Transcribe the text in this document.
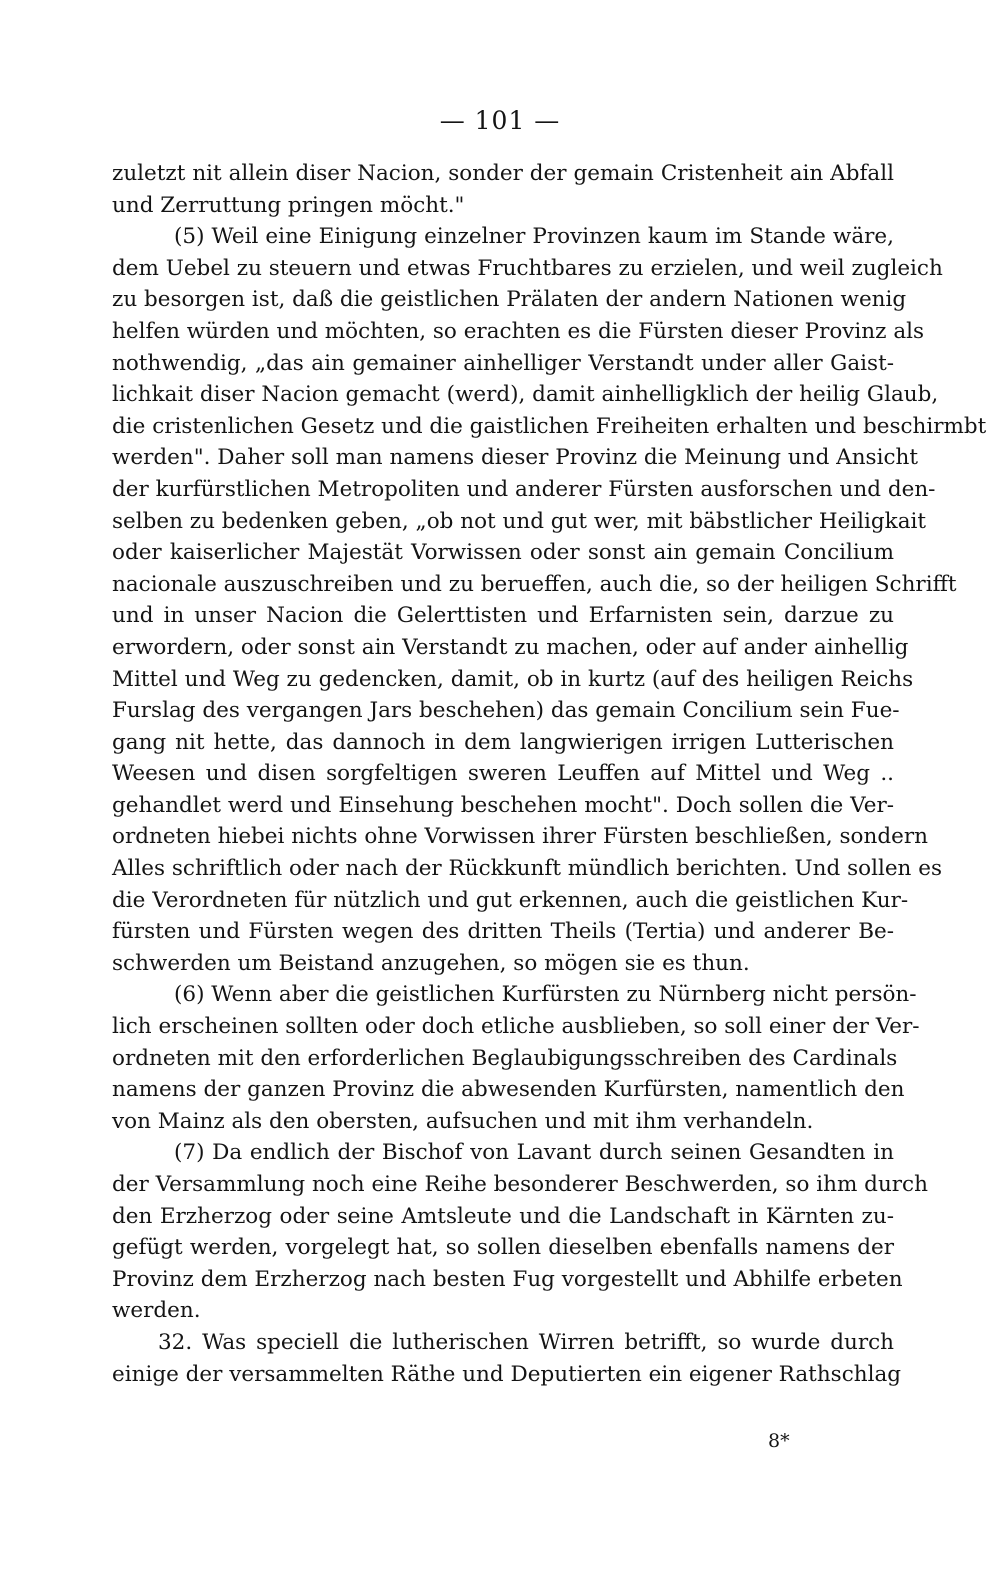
— 101 —
zuletzt nit allein diser Nacion, sonder der gemain Cristenheit ain Abfall
und Zerruttung pringen möcht."
(5) Weil eine Einigung einzelner Provinzen kaum im Stande wäre,
dem Uebel zu steuern und etwas Fruchtbares zu erzielen, und weil zugleich
zu besorgen ist, daß die geistlichen Prälaten der andern Nationen wenig
helfen würden und möchten, so erachten es die Fürsten dieser Provinz als
nothwendig, „das ain gemainer ainhelliger Verstandt under aller Gaist-
lichkait diser Nacion gemacht (werd), damit ainhelligklich der heilig Glaub,
die cristenlichen Gesetz und die gaistlichen Freiheiten erhalten und beschirmbt
werden". Daher soll man namens dieser Provinz die Meinung und Ansicht
der kurfürstlichen Metropoliten und anderer Fürsten ausforschen und den-
selben zu bedenken geben, „ob not und gut wer, mit bäbstlicher Heiligkait
oder kaiserlicher Majestät Vorwissen oder sonst ain gemain Concilium
nacionale auszuschreiben und zu berueffen, auch die, so der heiligen Schrifft
und in unser Nacion die Gelerttisten und Erfarnisten sein, darzue zu
erwordern, oder sonst ain Verstandt zu machen, oder auf ander ainhellig
Mittel und Weg zu gedencken, damit, ob in kurtz (auf des heiligen Reichs
Furslag des vergangen Jars beschehen) das gemain Concilium sein Fue-
gang nit hette, das dannoch in dem langwierigen irrigen Lutterischen
Weesen und disen sorgfeltigen sweren Leuffen auf Mittel und Weg ..
gehandlet werd und Einsehung beschehen mocht". Doch sollen die Ver-
ordneten hiebei nichts ohne Vorwissen ihrer Fürsten beschließen, sondern
Alles schriftlich oder nach der Rückkunft mündlich berichten. Und sollen es
die Verordneten für nützlich und gut erkennen, auch die geistlichen Kur-
fürsten und Fürsten wegen des dritten Theils (Tertia) und anderer Be-
schwerden um Beistand anzugehen, so mögen sie es thun.
(6) Wenn aber die geistlichen Kurfürsten zu Nürnberg nicht persön-
lich erscheinen sollten oder doch etliche ausblieben, so soll einer der Ver-
ordneten mit den erforderlichen Beglaubigungsschreiben des Cardinals
namens der ganzen Provinz die abwesenden Kurfürsten, namentlich den
von Mainz als den obersten, aufsuchen und mit ihm verhandeln.
(7) Da endlich der Bischof von Lavant durch seinen Gesandten in
der Versammlung noch eine Reihe besonderer Beschwerden, so ihm durch
den Erzherzog oder seine Amtsleute und die Landschaft in Kärnten zu-
gefügt werden, vorgelegt hat, so sollen dieselben ebenfalls namens der
Provinz dem Erzherzog nach besten Fug vorgestellt und Abhilfe erbeten
werden.
32. Was speciell die lutherischen Wirren betrifft, so wurde durch
einige der versammelten Räthe und Deputierten ein eigener Rathschlag
8*
